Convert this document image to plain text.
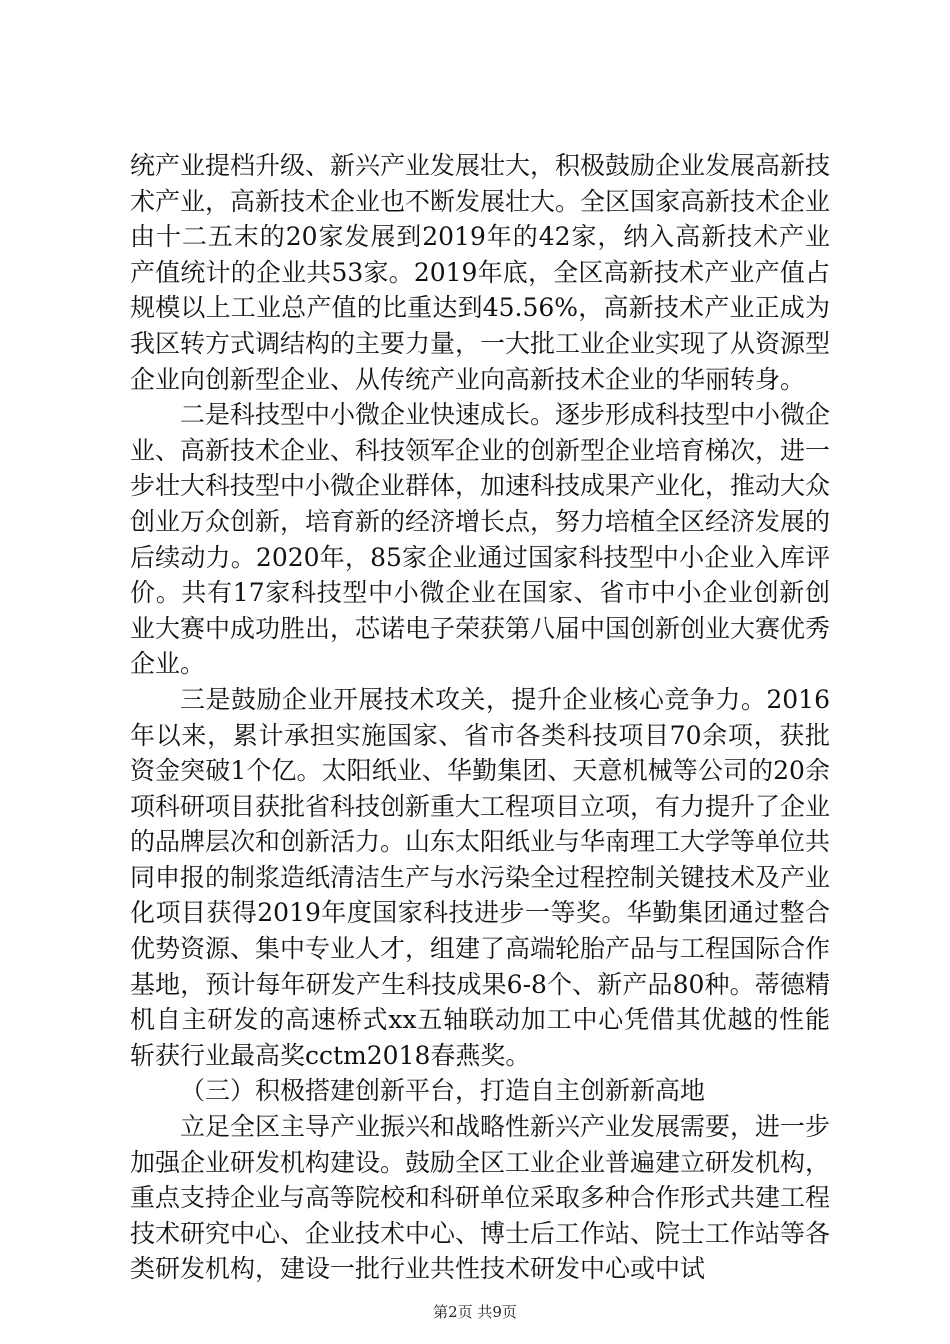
统产业提档升级、新兴产业发展壮大，积极鼓励企业发展高新技术产业，高新技术企业也不断发展壮大。全区国家高新技术企业由十二五末的20家发展到2019年的42家，纳入高新技术产业产值统计的企业共53家。2019年底，全区高新技术产业产值占规模以上工业总产值的比重达到45.56%，高新技术产业正成为我区转方式调结构的主要力量，一大批工业企业实现了从资源型企业向创新型企业、从传统产业向高新技术企业的华丽转身。

二是科技型中小微企业快速成长。逐步形成科技型中小微企业、高新技术企业、科技领军企业的创新型企业培育梯次，进一步壮大科技型中小微企业群体，加速科技成果产业化，推动大众创业万众创新，培育新的经济增长点，努力培植全区经济发展的后续动力。2020年，85家企业通过国家科技型中小企业入库评价。共有17家科技型中小微企业在国家、省市中小企业创新创业大赛中成功胜出，芯诺电子荣获第八届中国创新创业大赛优秀企业。

三是鼓励企业开展技术攻关，提升企业核心竞争力。2016年以来，累计承担实施国家、省市各类科技项目70余项，获批资金突破1个亿。太阳纸业、华勤集团、天意机械等公司的20余项科研项目获批省科技创新重大工程项目立项，有力提升了企业的品牌层次和创新活力。山东太阳纸业与华南理工大学等单位共同申报的制浆造纸清洁生产与水污染全过程控制关键技术及产业化项目获得2019年度国家科技进步一等奖。华勤集团通过整合优势资源、集中专业人才，组建了高端轮胎产品与工程国际合作基地，预计每年研发产生科技成果6-8个、新产品80种。蒂德精机自主研发的高速桥式xx五轴联动加工中心凭借其优越的性能斩获行业最高奖cctm2018春燕奖。

（三）积极搭建创新平台，打造自主创新新高地

立足全区主导产业振兴和战略性新兴产业发展需要，进一步加强企业研发机构建设。鼓励全区工业企业普遍建立研发机构，重点支持企业与高等院校和科研单位采取多种合作形式共建工程技术研究中心、企业技术中心、博士后工作站、院士工作站等各类研发机构，建设一批行业共性技术研发中心或中试

第2页 共9页
